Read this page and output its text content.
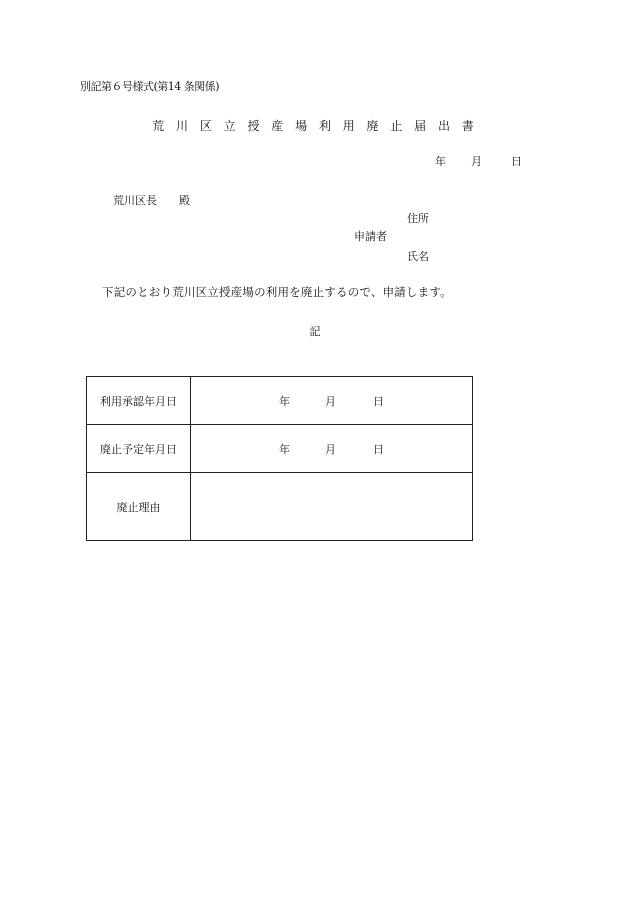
別記第６号様式(第14 条関係)
荒 川 区 立 授 産 場 利 用 廃 止 届 出 書
年 月	日
荒川区長 殿
住所
申請者
氏名
下記のとおり荒川区立授産場の利用を廃止するので、申請します。
記
利用承認年月日	年 月 日

廃止予定年月日	年 月 日

廃止理由	
